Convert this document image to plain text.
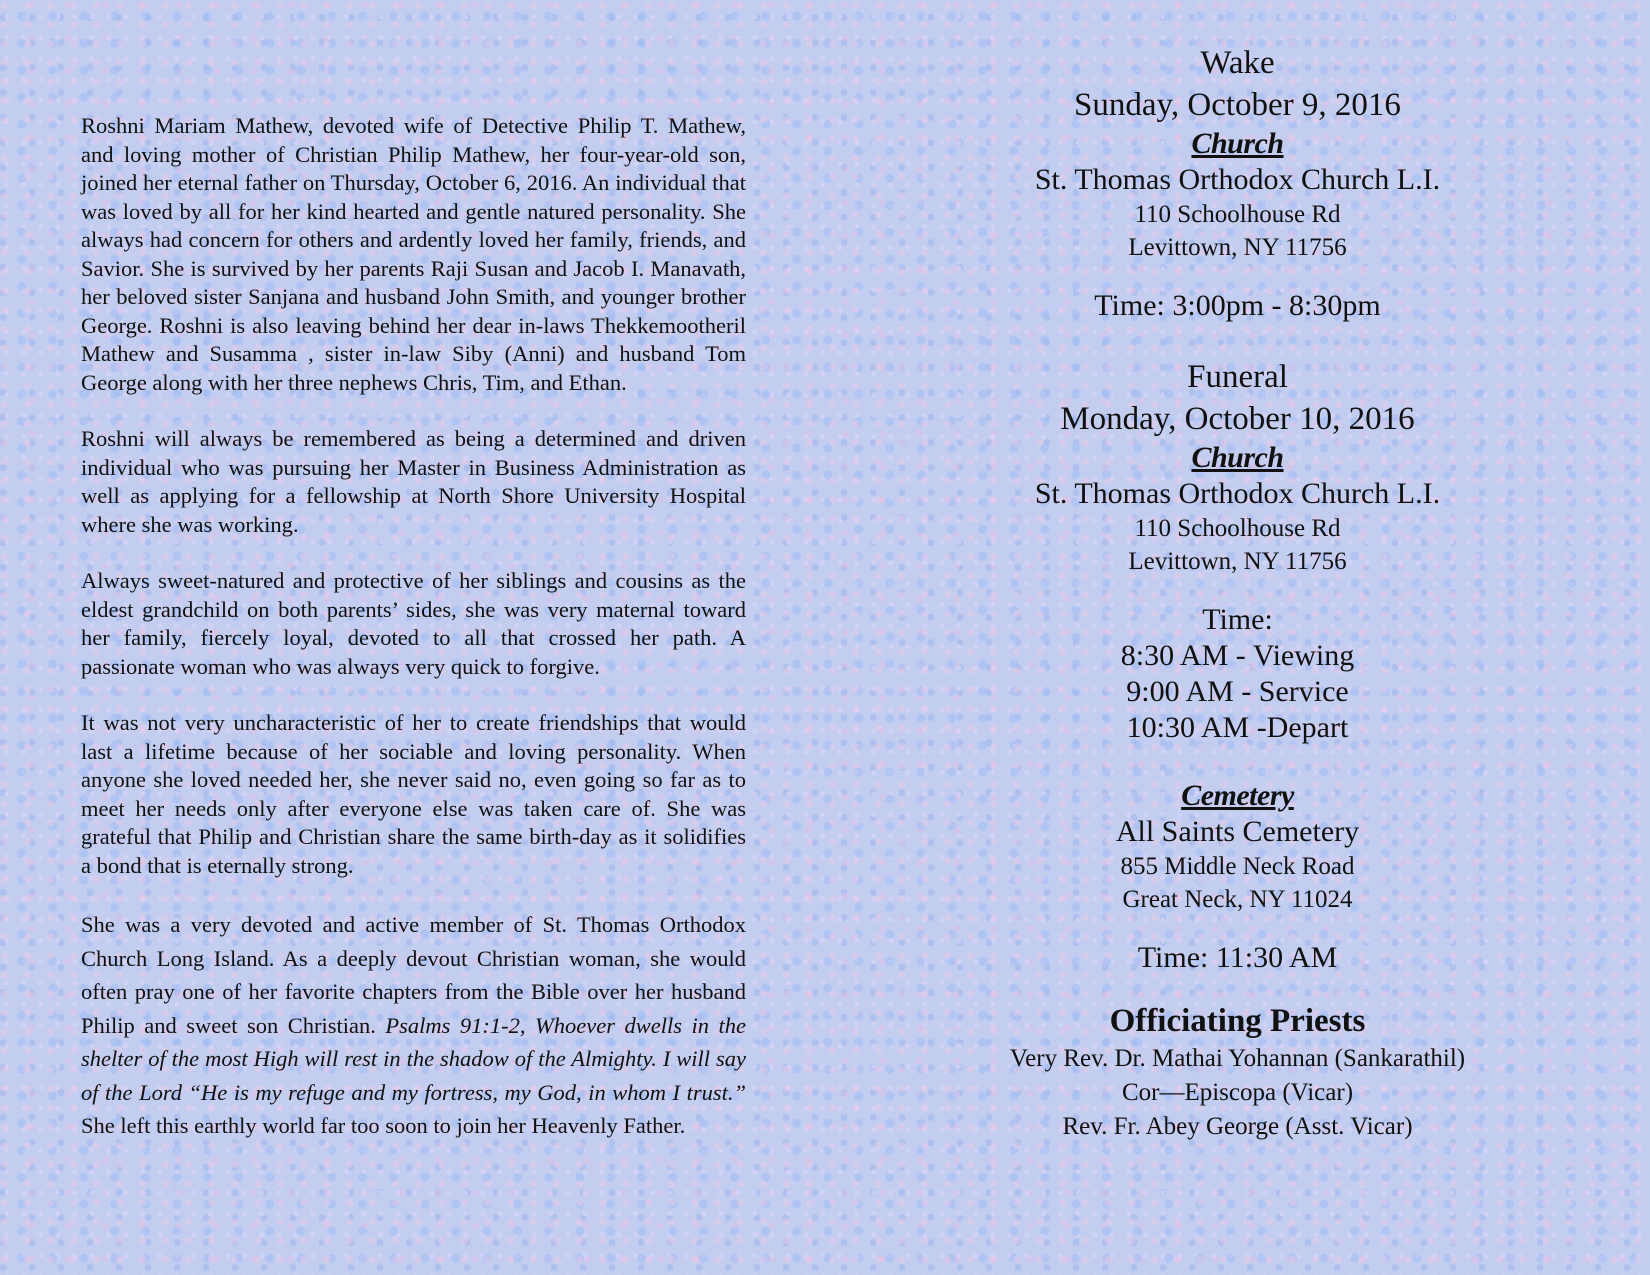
Roshni Mariam Mathew, devoted wife of Detective Philip T. Mathew, and loving mother of Christian Philip Mathew, her four-year-old son, joined her eternal father on Thursday, October 6, 2016. An individual that was loved by all for her kind hearted and gentle natured personality. She always had concern for others and ardently loved her family, friends, and Savior. She is survived by her parents Raji Susan and Jacob I. Manavath, her beloved sister Sanjana and husband John Smith, and younger brother George. Roshni is also leaving behind her dear in-laws Thekkemootheril Mathew and Susamma , sister in-law Siby (Anni) and husband Tom George along with her three nephews Chris, Tim, and Ethan.

Roshni will always be remembered as being a determined and driven individual who was pursuing her Master in Business Administration as well as applying for a fellowship at North Shore University Hospital where she was working.

Always sweet-natured and protective of her siblings and cousins as the eldest grandchild on both parents’ sides, she was very maternal toward her family, fiercely loyal, devoted to all that crossed her path. A passionate woman who was always very quick to forgive.

It was not very uncharacteristic of her to create friendships that would last a lifetime because of her sociable and loving personality. When anyone she loved needed her, she never said no, even going so far as to meet her needs only after everyone else was taken care of. She was grateful that Philip and Christian share the same birth-day as it solidifies a bond that is eternally strong.

She was a very devoted and active member of St. Thomas Orthodox Church Long Island. As a deeply devout Christian woman, she would often pray one of her favorite chapters from the Bible over her husband Philip and sweet son Christian. Psalms 91:1-2, Whoever dwells in the shelter of the most High will rest in the shadow of the Almighty. I will say of the Lord “He is my refuge and my fortress, my God, in whom I trust.” She left this earthly world far too soon to join her Heavenly Father.

Wake
Sunday, October 9, 2016
Church
St. Thomas Orthodox Church L.I.
110 Schoolhouse Rd
Levittown, NY 11756
Time: 3:00pm - 8:30pm
Funeral
Monday, October 10, 2016
Church
St. Thomas Orthodox Church L.I.
110 Schoolhouse Rd
Levittown, NY 11756
Time:
8:30 AM - Viewing
9:00 AM - Service
10:30 AM -Depart
Cemetery
All Saints Cemetery
855 Middle Neck Road
Great Neck, NY 11024
Time: 11:30 AM
Officiating Priests
Very Rev. Dr. Mathai Yohannan (Sankarathil)
Cor—Episcopa (Vicar)
Rev. Fr. Abey George (Asst. Vicar)
